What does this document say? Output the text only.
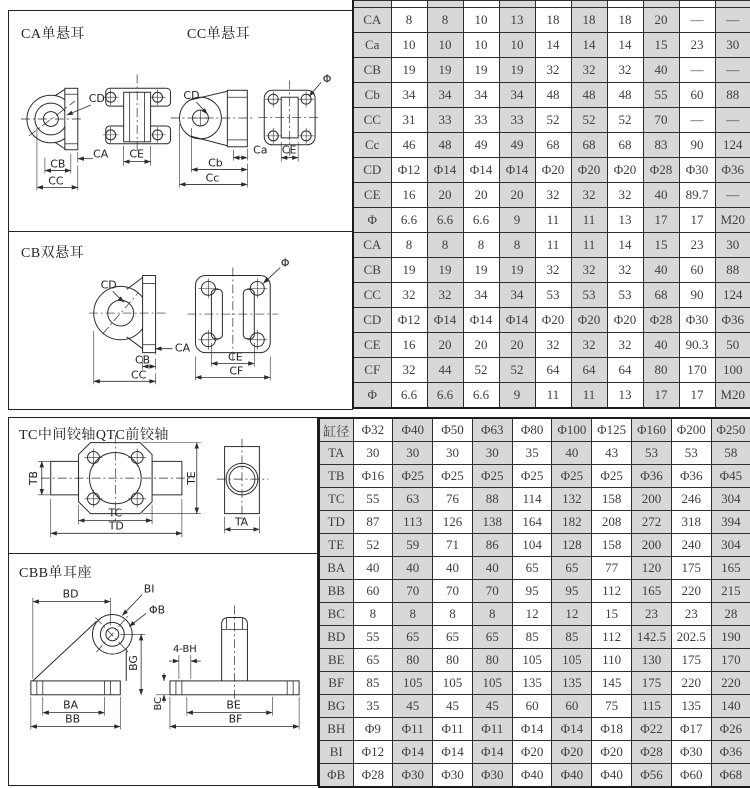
CA单悬耳	CC单悬耳
CD
CA
CB
CC
CE
CD
Ca
Cb
Cc
Φ
CE
CB双悬耳
CD
CA
CB
CC
Φ
CE
CF
TC中间铰轴QTC前铰轴
TB	TE
TC
TD	TA
CBB单耳座
BD	BI
ΦB
BG
BA
BB
4-BH
BC	BE
BF

CA	8	8	10	13	18	18	18	20	—	—
Ca	10	10	10	10	14	14	14	15	23	30
CB	19	19	19	19	32	32	32	40	—	—
Cb	34	34	34	34	48	48	48	55	60	88
CC	31	33	33	33	52	52	52	70	—	—
Cc	46	48	49	49	68	68	68	83	90	124
CD	Φ12	Φ14	Φ14	Φ14	Φ20	Φ20	Φ20	Φ28	Φ30	Φ36
CE	16	20	20	20	32	32	32	40	89.7	—
Φ	6.6	6.6	6.6	9	11	11	13	17	17	M20
CA	8	8	8	8	11	11	14	15	23	30
CB	19	19	19	19	32	32	32	40	60	88
CC	32	32	34	34	53	53	53	68	90	124
CD	Φ12	Φ14	Φ14	Φ14	Φ20	Φ20	Φ20	Φ28	Φ30	Φ36
CE	16	20	20	20	32	32	32	40	90.3	50
CF	32	44	52	52	64	64	64	80	170	100
Φ	6.6	6.6	6.6	9	11	11	13	17	17	M20
缸径	Φ32	Φ40	Φ50	Φ63	Φ80	Φ100	Φ125	Φ160	Φ200	Φ250
TA	30	30	30	30	35	40	43	53	53	58
TB	Φ16	Φ25	Φ25	Φ25	Φ25	Φ25	Φ25	Φ36	Φ36	Φ45
TC	55	63	76	88	114	132	158	200	246	304
TD	87	113	126	138	164	182	208	272	318	394
TE	52	59	71	86	104	128	158	200	240	304
BA	40	40	40	40	65	65	77	120	175	165
BB	60	70	70	70	95	95	112	165	220	215
BC	8	8	8	8	12	12	15	23	23	28
BD	55	65	65	65	85	85	112	142.5	202.5	190
BE	65	80	80	80	105	105	110	130	175	170
BF	85	105	105	105	135	135	145	175	220	220
BG	35	45	45	45	60	60	75	115	135	140
BH	Φ9	Φ11	Φ11	Φ11	Φ14	Φ14	Φ18	Φ22	Φ17	Φ26
BI	Φ12	Φ14	Φ14	Φ14	Φ20	Φ20	Φ20	Φ28	Φ30	Φ36
ΦB	Φ28	Φ30	Φ30	Φ30	Φ40	Φ40	Φ40	Φ56	Φ60	Φ68
